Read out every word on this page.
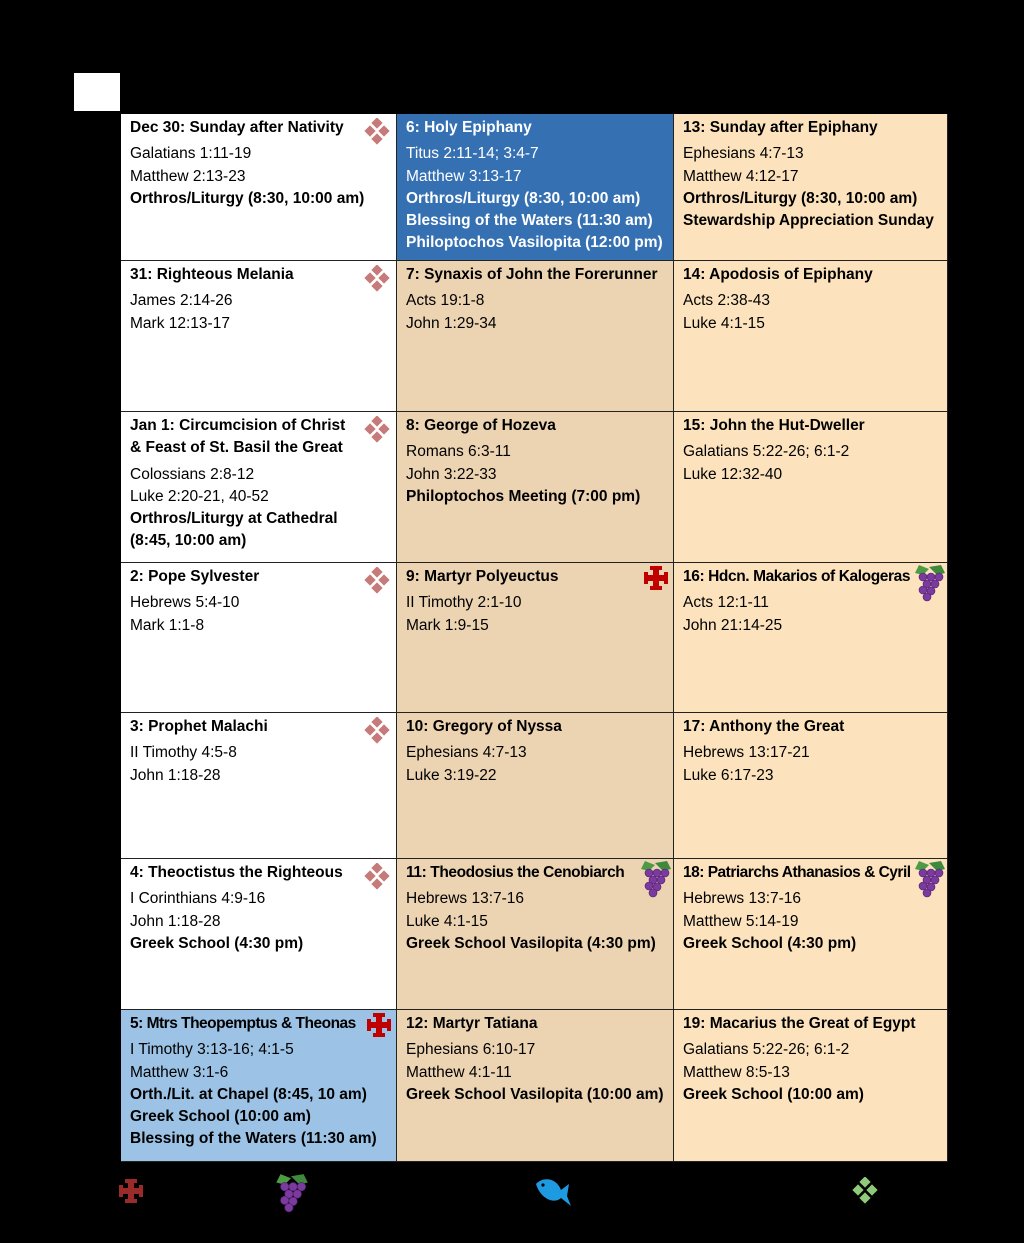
Dec 30: Sunday after Nativity
Galatians 1:11-19
Matthew 2:13-23
Orthros/Liturgy (8:30, 10:00 am)
6: Holy Epiphany
Titus 2:11-14; 3:4-7
Matthew 3:13-17
Orthros/Liturgy (8:30, 10:00 am)
Blessing of the Waters (11:30 am)
Philoptochos Vasilopita (12:00 pm)
13: Sunday after Epiphany
Ephesians 4:7-13
Matthew 4:12-17
Orthros/Liturgy (8:30, 10:00 am)
Stewardship Appreciation Sunday
31: Righteous Melania
James 2:14-26
Mark 12:13-17
7: Synaxis of John the Forerunner
Acts 19:1-8
John 1:29-34
14: Apodosis of Epiphany
Acts 2:38-43
Luke 4:1-15
Jan 1: Circumcision of Christ & Feast of St. Basil the Great
Colossians 2:8-12
Luke 2:20-21, 40-52
Orthros/Liturgy at Cathedral
(8:45, 10:00 am)
8: George of Hozeva
Romans 6:3-11
John 3:22-33
Philoptochos Meeting (7:00 pm)
15: John the Hut-Dweller
Galatians 5:22-26; 6:1-2
Luke 12:32-40
2: Pope Sylvester
Hebrews 5:4-10
Mark 1:1-8
9: Martyr Polyeuctus
II Timothy 2:1-10
Mark 1:9-15
16: Hdcn. Makarios of Kalogeras
Acts 12:1-11
John 21:14-25
3: Prophet Malachi
II Timothy 4:5-8
John 1:18-28
10: Gregory of Nyssa
Ephesians 4:7-13
Luke 3:19-22
17: Anthony the Great
Hebrews 13:17-21
Luke 6:17-23
4: Theoctistus the Righteous
I Corinthians 4:9-16
John 1:18-28
Greek School (4:30 pm)
11: Theodosius the Cenobiarch
Hebrews 13:7-16
Luke 4:1-15
Greek School Vasilopita (4:30 pm)
18: Patriarchs Athanasios & Cyril
Hebrews 13:7-16
Matthew 5:14-19
Greek School (4:30 pm)
5: Mtrs Theopemptus & Theonas
I Timothy 3:13-16; 4:1-5
Matthew 3:1-6
Orth./Lit. at Chapel (8:45, 10 am)
Greek School (10:00 am)
Blessing of the Waters (11:30 am)
12: Martyr Tatiana
Ephesians 6:10-17
Matthew 4:1-11
Greek School Vasilopita (10:00 am)
19: Macarius the Great of Egypt
Galatians 5:22-26; 6:1-2
Matthew 8:5-13
Greek School (10:00 am)
